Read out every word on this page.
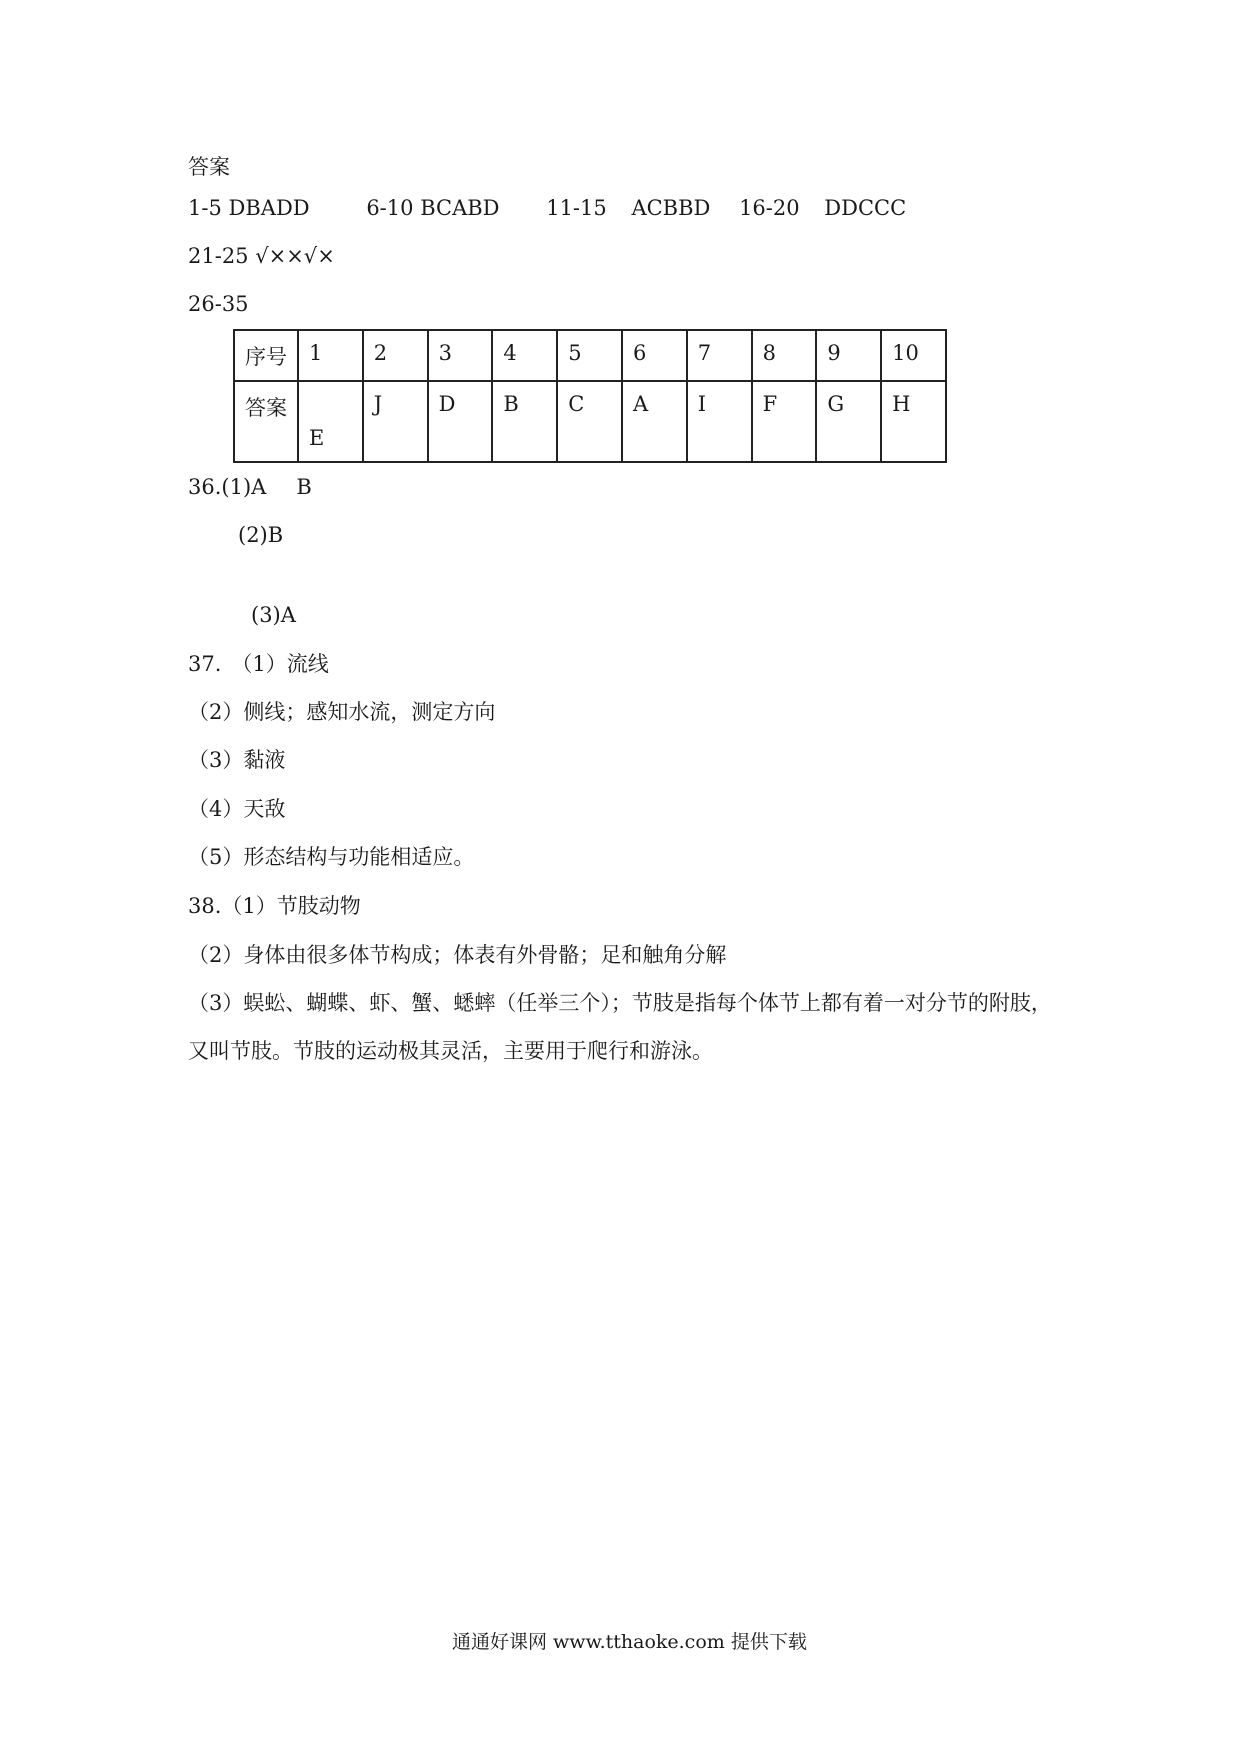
答案
1-5 DBADD	6-10 BCABD 11-15 ACBBD 16-20 DDCCC
21-25 √××√×
26-35
序号	1	2	3	4	5	6	7	8	9	10
答案	E	J	D	B	C	A	I	F	G	H
36.(1)A B
(2)B
(3)A
37. （1）流线
（2）侧线；感知水流，测定方向
（3）黏液
（4）天敌
（5）形态结构与功能相适应。
38.（1）节肢动物
（2）身体由很多体节构成；体表有外骨骼；足和触角分解
（3）蜈蚣、蝴蝶、虾、蟹、蟋蟀（任举三个）；节肢是指每个体节上都有着一对分节的附肢，
又叫节肢。节肢的运动极其灵活，主要用于爬行和游泳。
通通好课网 www.tthaoke.com 提供下载
